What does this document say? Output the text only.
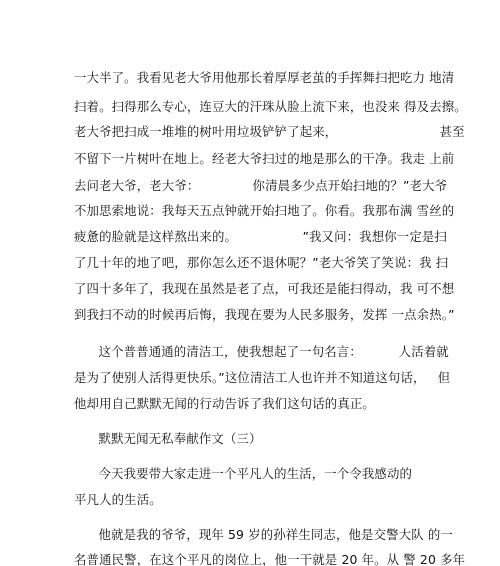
一大半了。我看见老大爷用他那长着厚厚老茧的手挥舞扫把吃力 地清
扫着。扫得那么专心，连豆大的汗珠从脸上流下来，也没来 得及去擦。
老大爷把扫成一堆堆的树叶用垃圾铲铲了起来，                         甚至
不留下一片树叶在地上。经老大爷扫过的地是那么的干净。我走 上前
去问老大爷，老大爷：             你清晨多少点开始扫地的？”老大爷
不加思索地说：我每天五点钟就开始扫地了。你看。我那布满 雪丝的
疲惫的脸就是这样熬出来的。                ”我又问：我想你一定是扫
了几十年的地了吧，那你怎么还不退休呢？”老大爷笑了笑说：我 扫
了四十多年了，我现在虽然是老了点，可我还是能扫得动，我 可不想
到我扫不动的时候再后悔，我现在要为人民多服务，发挥 一点余热。”
这个普普通通的清洁工，使我想起了一句名言：         人活着就
是为了使别人活得更快乐。”这位清洁工人也许并不知道这句话，   但
他却用自己默默无闻的行动告诉了我们这句话的真正。
默默无闻无私奉献作文（三）
今天我要带大家走进一个平凡人的生活，一个令我感动的
平凡人的生活。
他就是我的爷爷，现年 59 岁的孙祥生同志，他是交警大队 的一
名普通民警，在这个平凡的岗位上，他一干就是 20 年。从 警 20 多年
